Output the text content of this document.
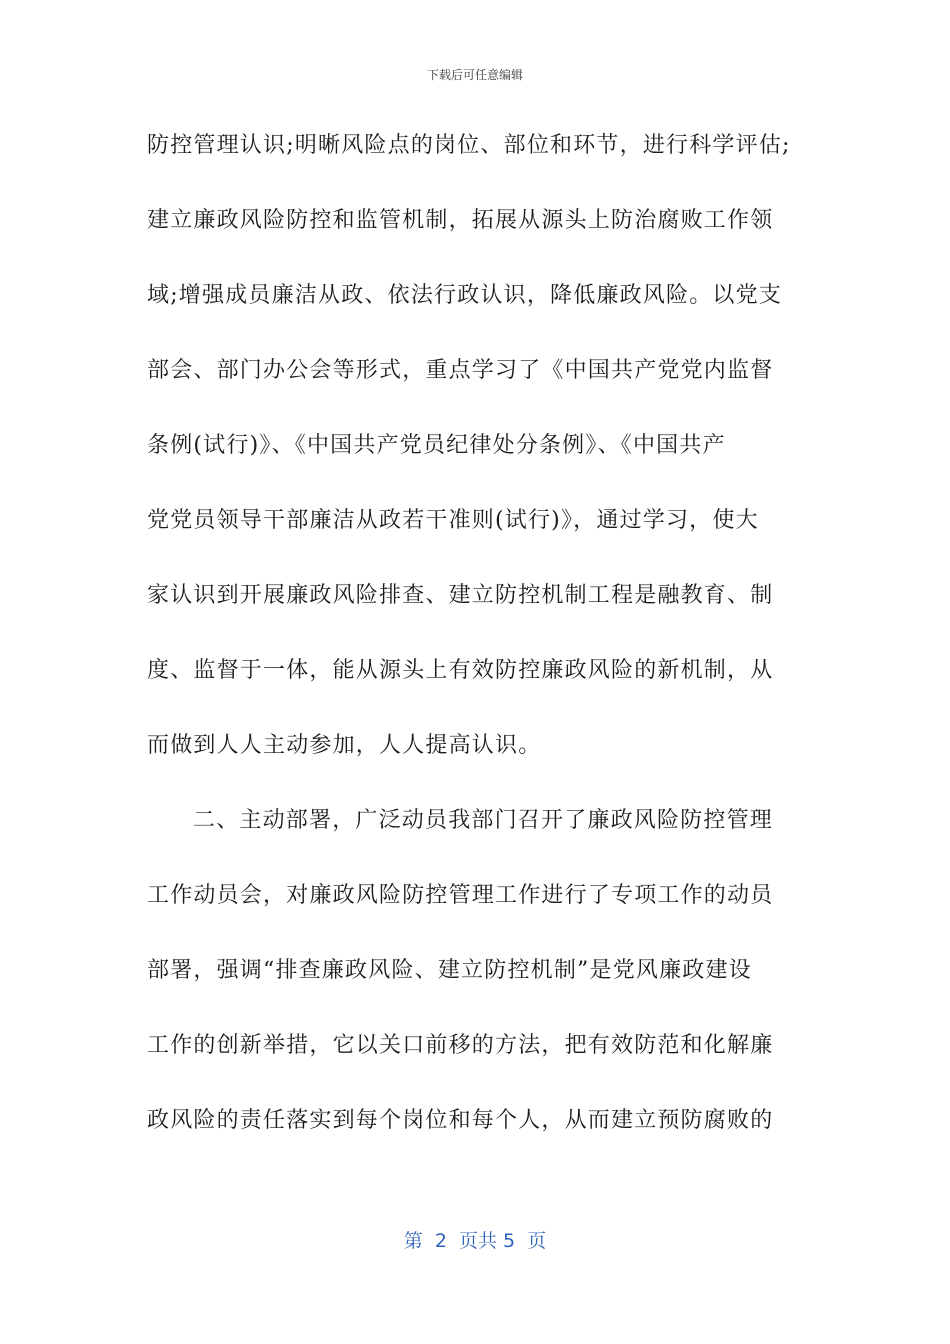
下载后可任意编辑
防控管理认识;明晰风险点的岗位、部位和环节，进行科学评估;
建立廉政风险防控和监管机制，拓展从源头上防治腐败工作领
域;增强成员廉洁从政、依法行政认识，降低廉政风险。以党支
部会、部门办公会等形式，重点学习了《中国共产党党内监督
条例(试行)》、《中国共产党员纪律处分条例》、《中国共产
党党员领导干部廉洁从政若干准则(试行)》，通过学习，使大
家认识到开展廉政风险排查、建立防控机制工程是融教育、制
度、监督于一体，能从源头上有效防控廉政风险的新机制，从
而做到人人主动参加，人人提高认识。
二、主动部署，广泛动员我部门召开了廉政风险防控管理
工作动员会，对廉政风险防控管理工作进行了专项工作的动员
部署，强调“排查廉政风险、建立防控机制”是党风廉政建设
工作的创新举措，它以关口前移的方法，把有效防范和化解廉
政风险的责任落实到每个岗位和每个人，从而建立预防腐败的
第  2  页共 5  页
